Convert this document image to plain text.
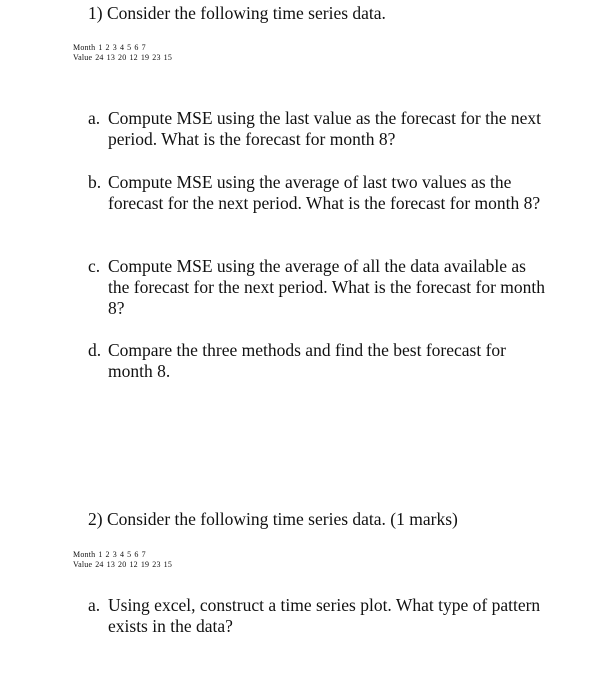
1) Consider the following time series data.
Month 1 2 3 4 5 6 7
Value 24 13 20 12 19 23 15
a. Compute MSE using the last value as the forecast for the next period. What is the forecast for month 8?
b. Compute MSE using the average of last two values as the forecast for the next period. What is the forecast for month 8?
c. Compute MSE using the average of all the data available as the forecast for the next period. What is the forecast for month 8?
d. Compare the three methods and find the best forecast for month 8.
2) Consider the following time series data. (1 marks)
Month 1 2 3 4 5 6 7
Value 24 13 20 12 19 23 15
a. Using excel, construct a time series plot. What type of pattern exists in the data?
